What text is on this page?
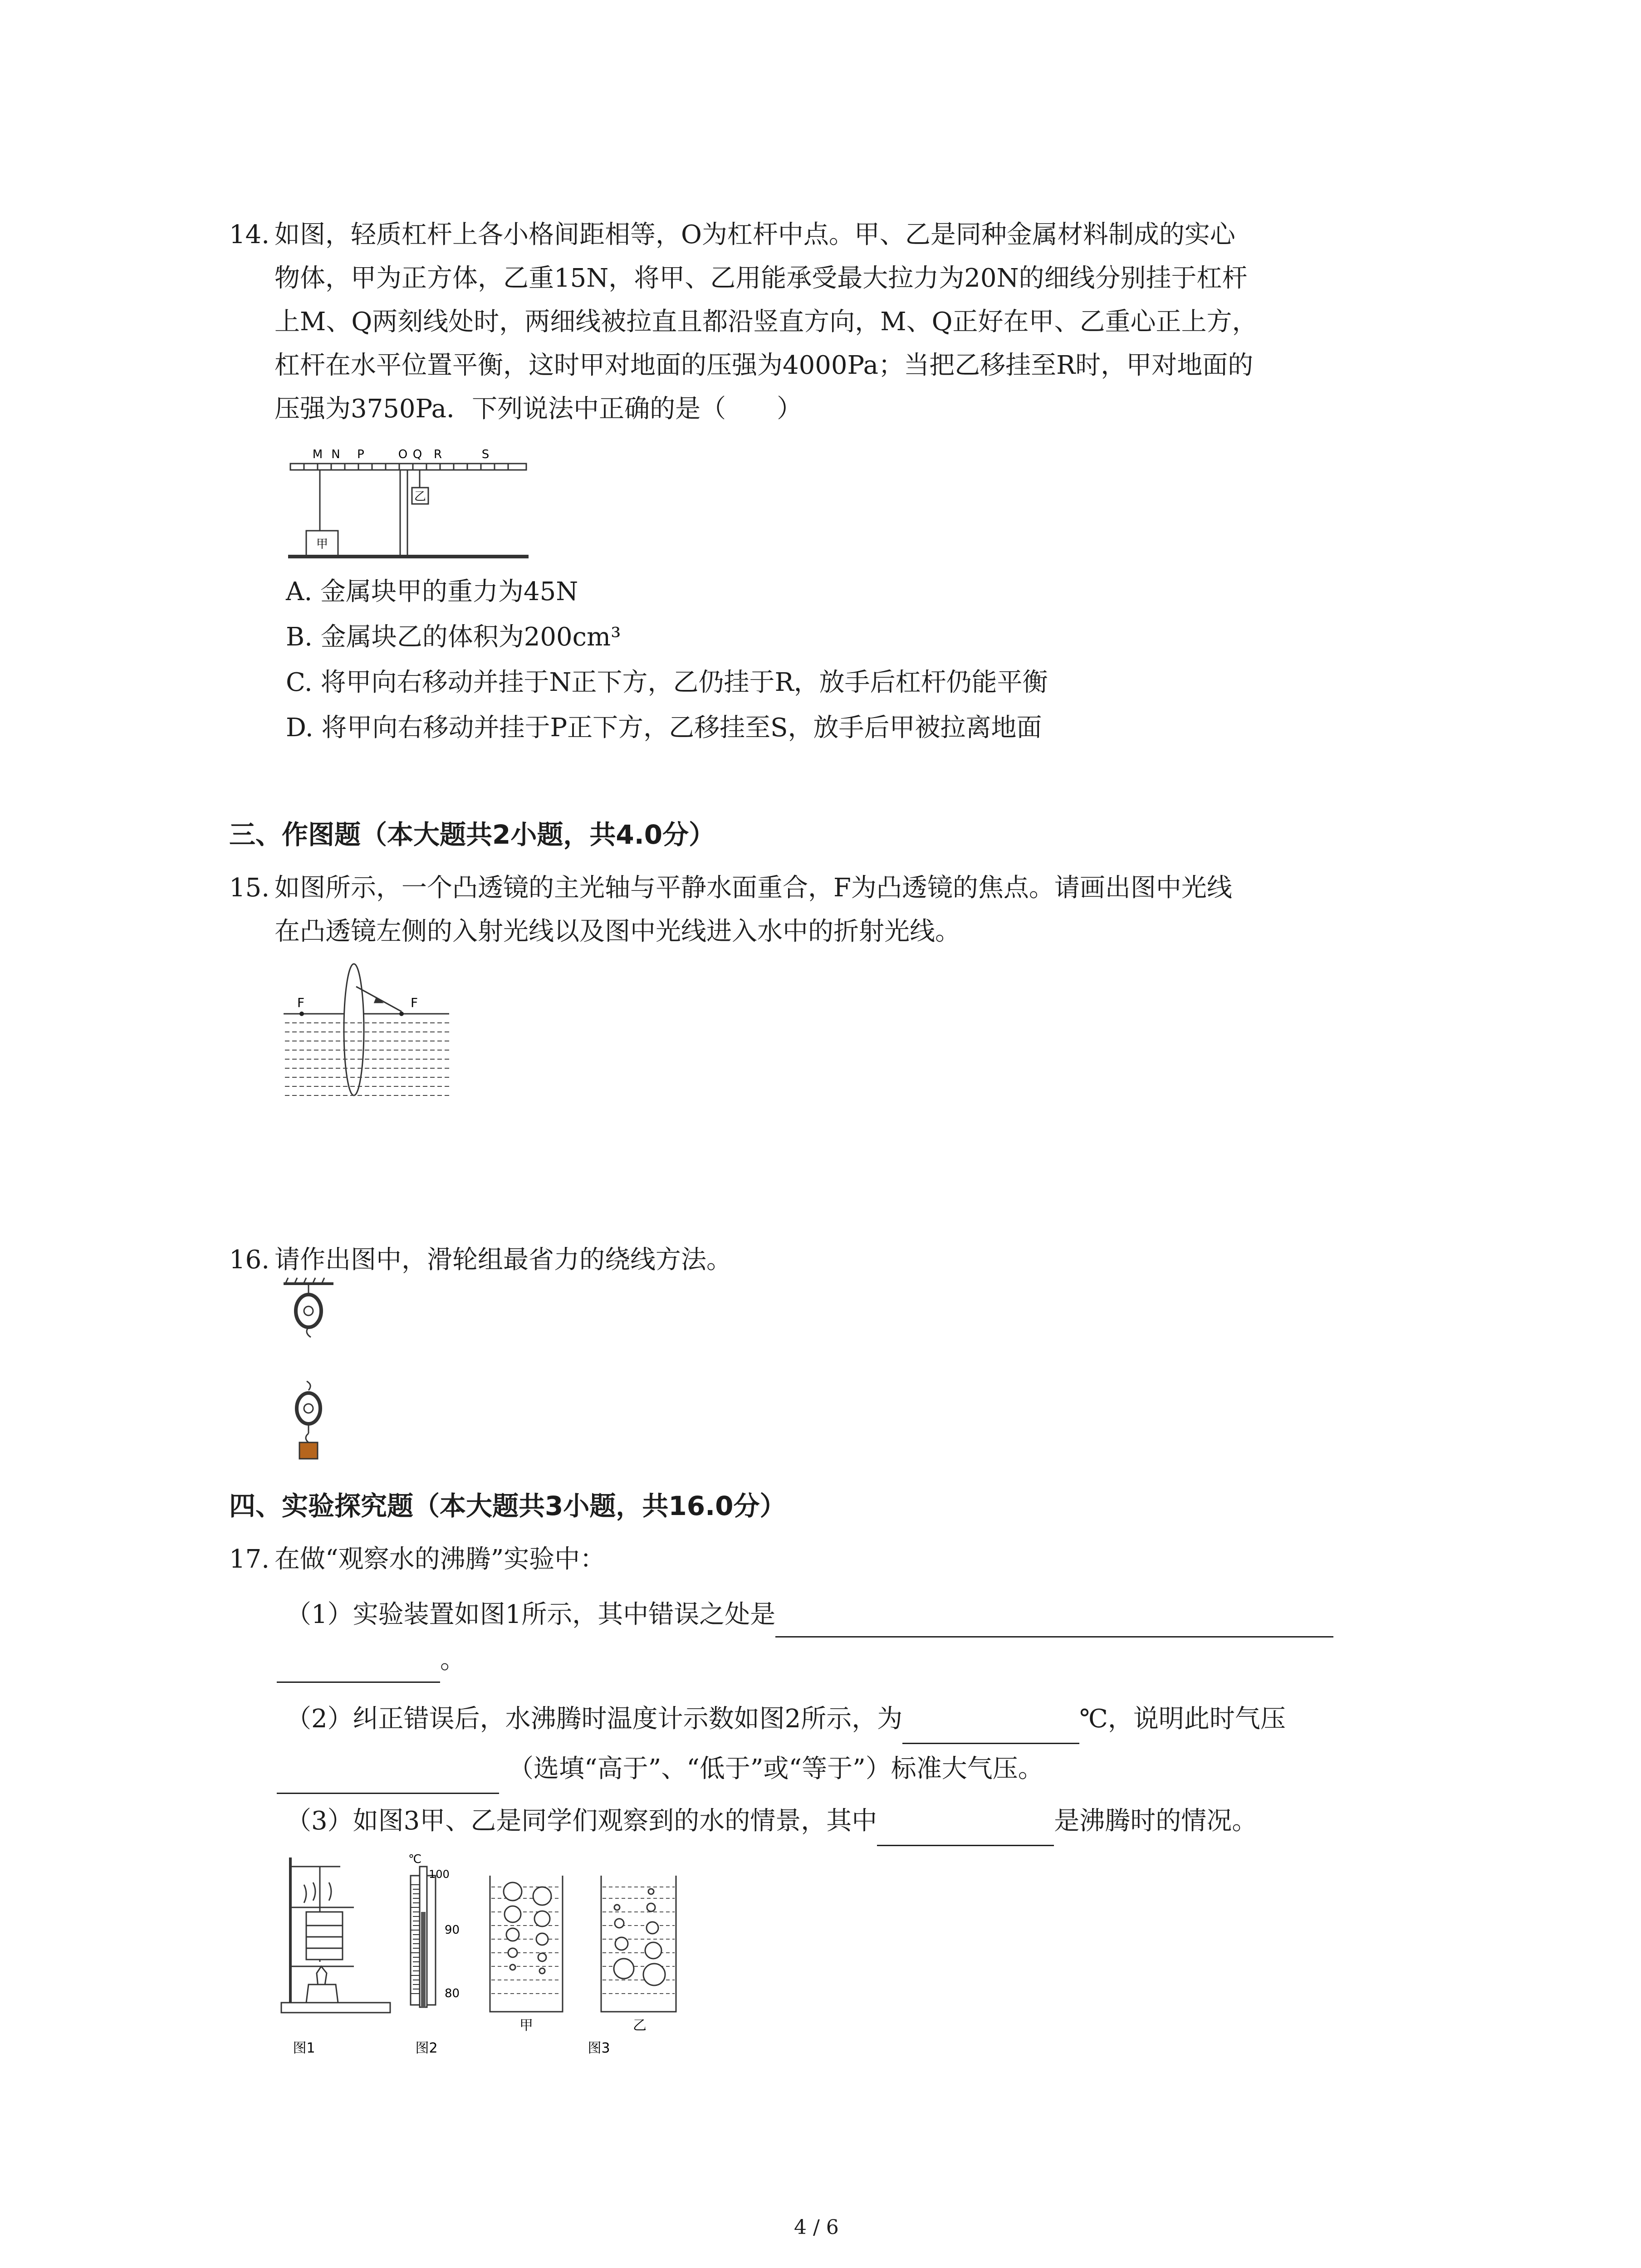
14. 如图，轻质杠杆上各小格间距相等，O为杠杆中点。甲、乙是同种金属材料制成的实心
物体，甲为正方体，乙重15N，将甲、乙用能承受最大拉力为20N的细线分别挂于杠杆
上M、Q两刻线处时，两细线被拉直且都沿竖直方向，M、Q正好在甲、乙重心正上方，
杠杆在水平位置平衡，这时甲对地面的压强为4000Pa；当把乙移挂至R时，甲对地面的
压强为3750Pa．下列说法中正确的是（　　）
M N P	O Q R	S
甲
乙
A. 金属块甲的重力为45N
B. 金属块乙的体积为200cm³
C. 将甲向右移动并挂于N正下方，乙仍挂于R，放手后杠杆仍能平衡
D. 将甲向右移动并挂于P正下方，乙移挂至S，放手后甲被拉离地面
三、作图题（本大题共2小题，共4.0分）
15. 如图所示，一个凸透镜的主光轴与平静水面重合，F为凸透镜的焦点。请画出图中光线
在凸透镜左侧的入射光线以及图中光线进入水中的折射光线。
F	F
16. 请作出图中，滑轮组最省力的绕线方法。
四、实验探究题（本大题共3小题，共16.0分）
17. 在做“观察水的沸腾”实验中：
（1）实验装置如图1所示，其中错误之处是
。
（2）纠正错误后，水沸腾时温度计示数如图2所示，为	℃，说明此时气压
（选填“高于”、“低于”或“等于”）标准大气压。
（3）如图3甲、乙是同学们观察到的水的情景，其中	是沸腾时的情况。
℃
100
90
80
甲	乙
图1	图2	图3
4 / 6
